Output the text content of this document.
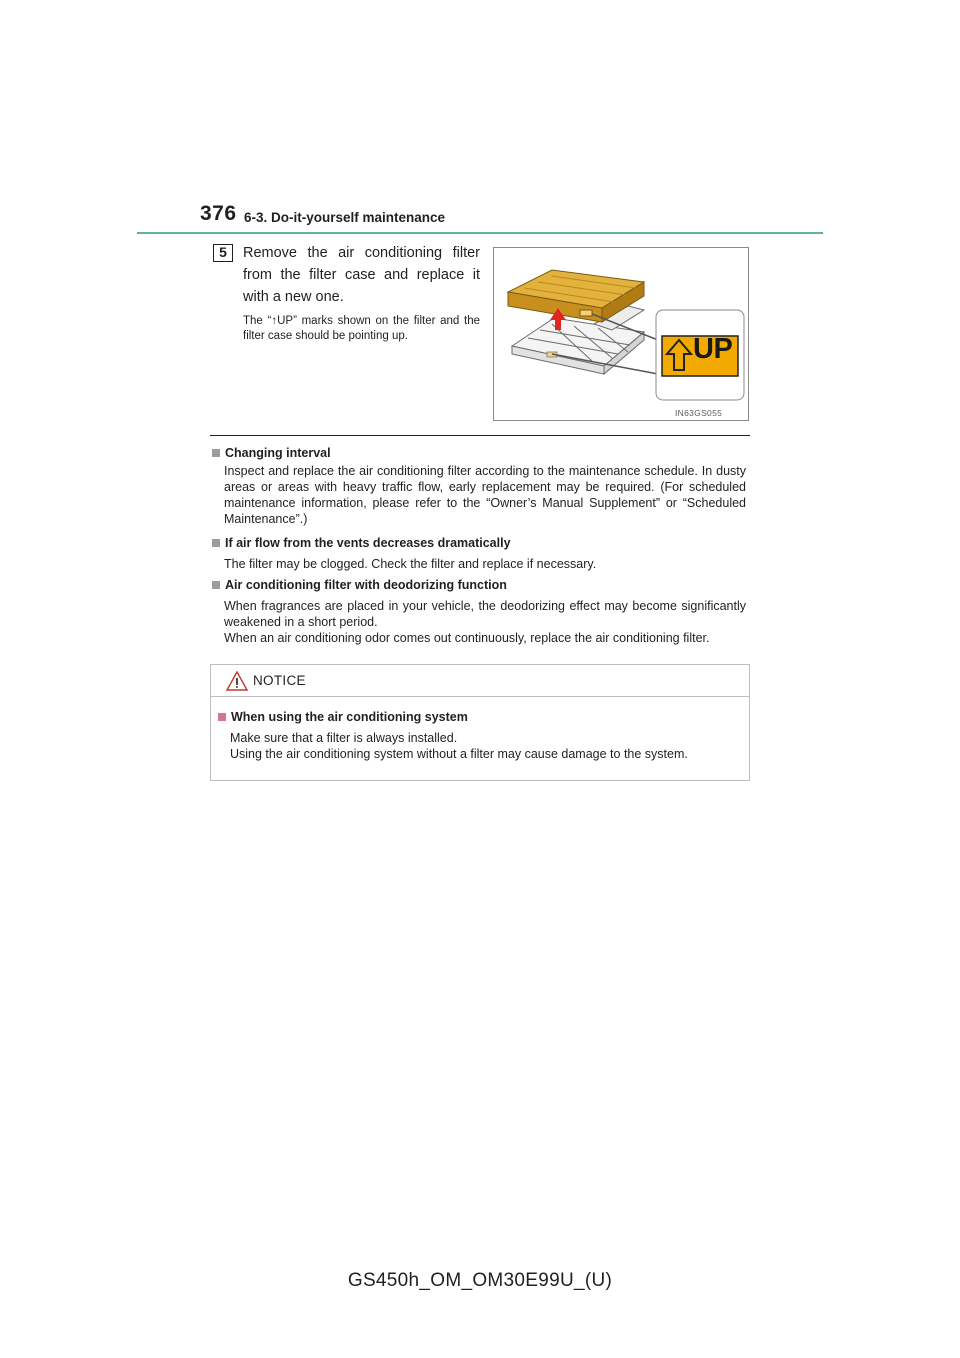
376 6-3. Do-it-yourself maintenance
5	Remove the air conditioning filter from the filter case and replace it with a new one.

The “↑UP” marks shown on the filter and the filter case should be pointing up.	UP
IN63GS055
Changing interval
Inspect and replace the air conditioning filter according to the maintenance schedule. In dusty areas or areas with heavy traffic flow, early replacement may be required. (For scheduled maintenance information, please refer to the “Owner’s Manual Supplement” or “Scheduled Maintenance”.)
If air flow from the vents decreases dramatically
The filter may be clogged. Check the filter and replace if necessary.
Air conditioning filter with deodorizing function
When fragrances are placed in your vehicle, the deodorizing effect may become significantly weakened in a short period.
When an air conditioning odor comes out continuously, replace the air conditioning filter.
NOTICE
When using the air conditioning system
Make sure that a filter is always installed.
Using the air conditioning system without a filter may cause damage to the system.
GS450h_OM_OM30E99U_(U)
